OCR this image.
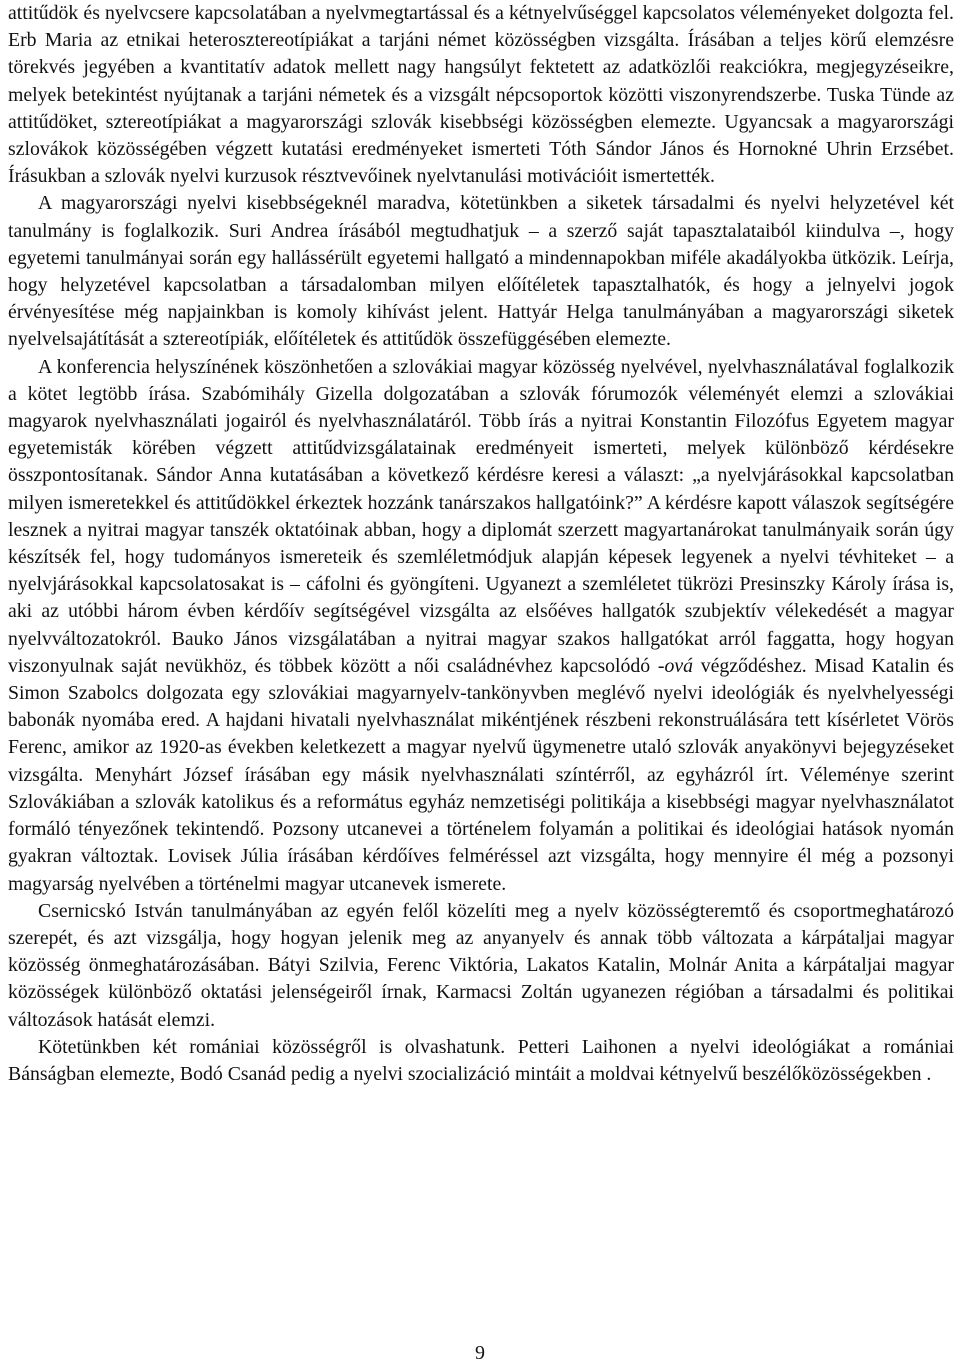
attitűdök és nyelvcsere kapcsolatában a nyelvmegtartással és a kétnyelvűséggel kapcsolatos véleményeket dolgozta fel. Erb Maria az etnikai heterosztereotípiákat a tarjáni német közösségben vizsgálta. Írásában a teljes körű elemzésre törekvés jegyében a kvantitatív adatok mellett nagy hangsúlyt fektetett az adatközlői reakciókra, megjegyzéseikre, melyek betekintést nyújtanak a tarjáni németek és a vizsgált népcsoportok közötti viszonyrendszerbe. Tuska Tünde az attitűdöket, sztereotípiákat a magyarországi szlovák kisebbségi közösségben elemezte. Ugyancsak a magyarországi szlovákok közösségében végzett kutatási eredményeket ismerteti Tóth Sándor János és Hornokné Uhrin Erzsébet. Írásukban a szlovák nyelvi kurzusok résztvevőinek nyelvtanulási motivációit ismertették.

A magyarországi nyelvi kisebbségeknél maradva, kötetünkben a siketek társadalmi és nyelvi helyzetével két tanulmány is foglalkozik. Suri Andrea írásából megtudhatjuk – a szerző saját tapasztalataiból kiindulva –, hogy egyetemi tanulmányai során egy hallássérült egyetemi hallgató a mindennapokban miféle akadályokba ütközik. Leírja, hogy helyzetével kapcsolatban a társadalomban milyen előítéletek tapasztalhatók, és hogy a jelnyelvi jogok érvényesítése még napjainkban is komoly kihívást jelent. Hattyár Helga tanulmányában a magyarországi siketek nyelvelsajátítását a sztereotípiák, előítéletek és attitűdök összefüggésében elemezte.

A konferencia helyszínének köszönhetően a szlovákiai magyar közösség nyelvével, nyelvhasználatával foglalkozik a kötet legtöbb írása. Szabómihály Gizella dolgozatában a szlovák fórumozók véleményét elemzi a szlovákiai magyarok nyelvhasználati jogairól és nyelvhasználatáról. Több írás a nyitrai Konstantin Filozófus Egyetem magyar egyetemisták körében végzett attitűdvizsgálatainak eredményeit ismerteti, melyek különböző kérdésekre összpontosítanak. Sándor Anna kutatásában a következő kérdésre keresi a választ: „a nyelvjárásokkal kapcsolatban milyen ismeretekkel és attitűdökkel érkeztek hozzánk tanárszakos hallgatóink?” A kérdésre kapott válaszok segítségére lesznek a nyitrai magyar tanszék oktatóinak abban, hogy a diplomát szerzett magyartanárokat tanulmányaik során úgy készítsék fel, hogy tudományos ismereteik és szemléletmódjuk alapján képesek legyenek a nyelvi tévhiteket – a nyelvjárásokkal kapcsolatosakat is – cáfolni és gyöngíteni. Ugyanezt a szemléletet tükrözi Presinszky Károly írása is, aki az utóbbi három évben kérdőív segítségével vizsgálta az elsőéves hallgatók szubjektív vélekedését a magyar nyelvváltozatokról. Bauko János vizsgálatában a nyitrai magyar szakos hallgatókat arról faggatta, hogy hogyan viszonyulnak saját nevükhöz, és többek között a női családnévhez kapcsolódó -ová végződéshez. Misad Katalin és Simon Szabolcs dolgozata egy szlovákiai magyarnyelv-tankönyvben meglévő nyelvi ideológiák és nyelvhelyességi babonák nyomába ered. A hajdani hivatali nyelvhasználat mikéntjének részbeni rekonstruálására tett kísérletet Vörös Ferenc, amikor az 1920-as években keletkezett a magyar nyelvű ügymenetre utaló szlovák anyakönyvi bejegyzéseket vizsgálta. Menyhárt József írásában egy másik nyelvhasználati színtérről, az egyházról írt. Véleménye szerint Szlovákiában a szlovák katolikus és a református egyház nemzetiségi politikája a kisebbségi magyar nyelvhasználatot formáló tényezőnek tekintendő. Pozsony utcanevei a történelem folyamán a politikai és ideológiai hatások nyomán gyakran változtak. Lovisek Júlia írásában kérdőíves felméréssel azt vizsgálta, hogy mennyire él még a pozsonyi magyarság nyelvében a történelmi magyar utcanevek ismerete.

Csernicskó István tanulmányában az egyén felől közelíti meg a nyelv közösségteremtő és csoportmeghatározó szerepét, és azt vizsgálja, hogy hogyan jelenik meg az anyanyelv és annak több változata a kárpátaljai magyar közösség önmeghatározásában. Bátyi Szilvia, Ferenc Viktória, Lakatos Katalin, Molnár Anita a kárpátaljai magyar közösségek különböző oktatási jelenségeiről írnak, Karmacsi Zoltán ugyanezen régióban a társadalmi és politikai változások hatását elemzi.

Kötetünkben két romániai közösségről is olvashatunk. Petteri Laihonen a nyelvi ideológiákat a romániai Bánságban elemezte, Bodó Csanád pedig a nyelvi szocializáció mintáit a moldvai kétnyelvű beszélőközösségekben .

9
